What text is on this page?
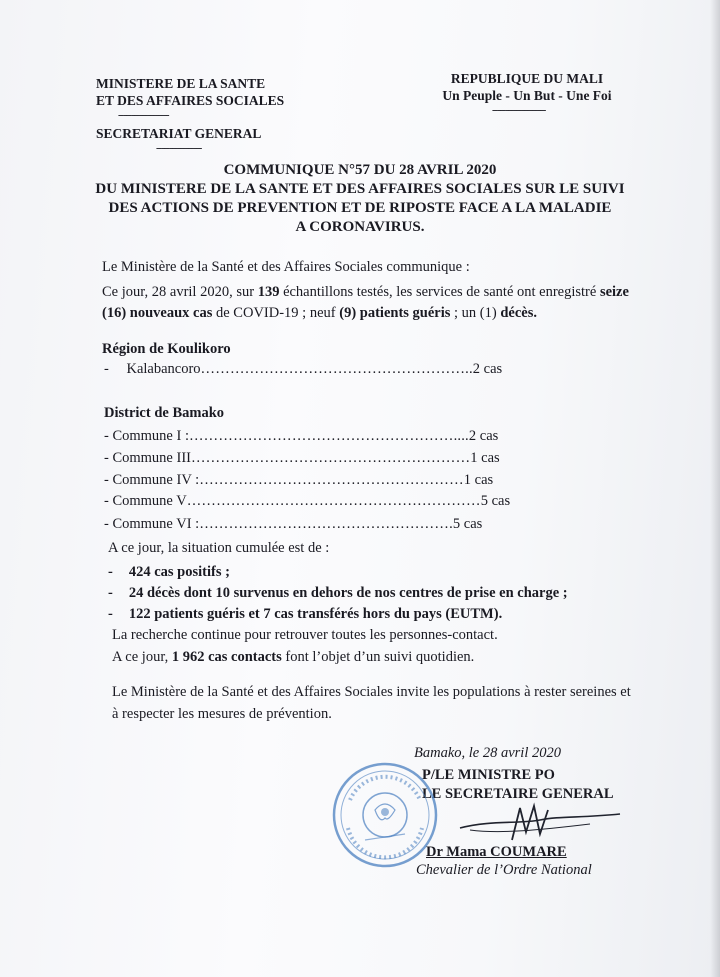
MINISTERE DE LA SANTE
ET DES AFFAIRES SOCIALES
-------------------
SECRETARIAT GENERAL
-----------------
REPUBLIQUE DU MALI
Un Peuple - Un But - Une Foi
--------------------
COMMUNIQUE N°57 DU 28 AVRIL 2020
DU MINISTERE DE LA SANTE ET DES AFFAIRES SOCIALES SUR LE SUIVI
DES ACTIONS DE PREVENTION ET DE RIPOSTE FACE A LA MALADIE
A CORONAVIRUS.
Le Ministère de la Santé et des Affaires Sociales communique :
Ce jour, 28 avril 2020, sur 139 échantillons testés, les services de santé ont enregistré seize
(16) nouveaux cas de COVID-19 ; neuf (9) patients guéris ; un (1) décès.
Région de Koulikoro
- Kalabancoro………………………………………………..2 cas
District de Bamako
- Commune I :………………………………………………....2 cas
- Commune III…………………………………………………1 cas
- Commune IV :………………………………………………1 cas
- Commune V……………………………………………………5 cas
- Commune VI :…………………………………………….5 cas
A ce jour, la situation cumulée est de :
- 424 cas positifs ;
- 24 décès dont 10 survenus en dehors de nos centres de prise en charge ;
- 122 patients guéris et 7 cas transférés hors du pays (EUTM).
La recherche continue pour retrouver toutes les personnes-contact.
A ce jour, 1 962 cas contacts font l’objet d’un suivi quotidien.
Le Ministère de la Santé et des Affaires Sociales invite les populations à rester sereines et
à respecter les mesures de prévention.
Bamako, le 28 avril 2020
P/LE MINISTRE PO
LE SECRETAIRE GENERAL
Dr Mama COUMARE
Chevalier de l’Ordre National
